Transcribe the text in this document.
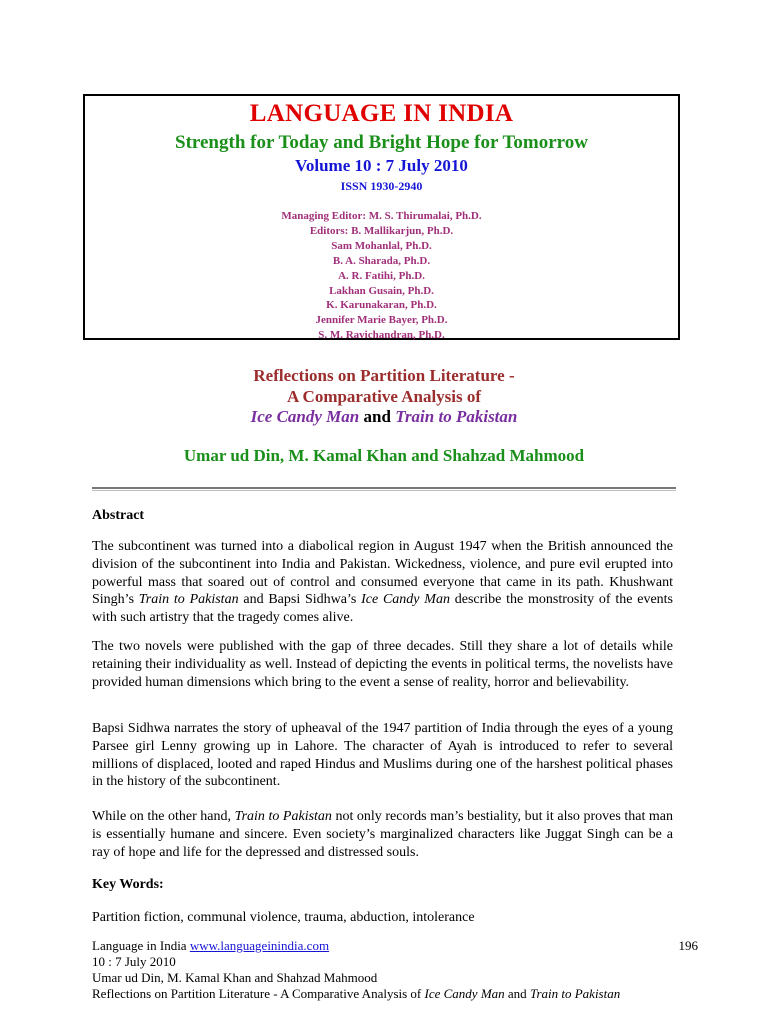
LANGUAGE IN INDIA
Strength for Today and Bright Hope for Tomorrow
Volume 10 : 7 July 2010
ISSN 1930-2940
Managing Editor: M. S. Thirumalai, Ph.D.
Editors: B. Mallikarjun, Ph.D.
Sam Mohanlal, Ph.D.
B. A. Sharada, Ph.D.
A. R. Fatihi, Ph.D.
Lakhan Gusain, Ph.D.
K. Karunakaran, Ph.D.
Jennifer Marie Bayer, Ph.D.
S. M. Ravichandran, Ph.D.
Reflections on Partition Literature -
A Comparative Analysis of
Ice Candy Man and Train to Pakistan
Umar ud Din, M. Kamal Khan and Shahzad Mahmood
Abstract

The subcontinent was turned into a diabolical region in August 1947 when the British announced the division of the subcontinent into India and Pakistan. Wickedness, violence, and pure evil erupted into powerful mass that soared out of control and consumed everyone that came in its path. Khushwant Singh’s Train to Pakistan and Bapsi Sidhwa’s Ice Candy Man describe the monstrosity of the events with such artistry that the tragedy comes alive.

The two novels were published with the gap of three decades. Still they share a lot of details while retaining their individuality as well. Instead of depicting the events in political terms, the novelists have provided human dimensions which bring to the event a sense of reality, horror and believability.

Bapsi Sidhwa narrates the story of upheaval of the 1947 partition of India through the eyes of a young Parsee girl Lenny growing up in Lahore. The character of Ayah is introduced to refer to several millions of displaced, looted and raped Hindus and Muslims during one of the harshest political phases in the history of the subcontinent.

While on the other hand, Train to Pakistan not only records man’s bestiality, but it also proves that man is essentially humane and sincere. Even society’s marginalized characters like Juggat Singh can be a ray of hope and life for the depressed and distressed souls.

Key Words:
Partition fiction, communal violence, trauma, abduction, intolerance
Language in India www.languageinindia.com	196
10 : 7 July 2010
Umar ud Din, M. Kamal Khan and Shahzad Mahmood
Reflections on Partition Literature - A Comparative Analysis of Ice Candy Man and Train to Pakistan
